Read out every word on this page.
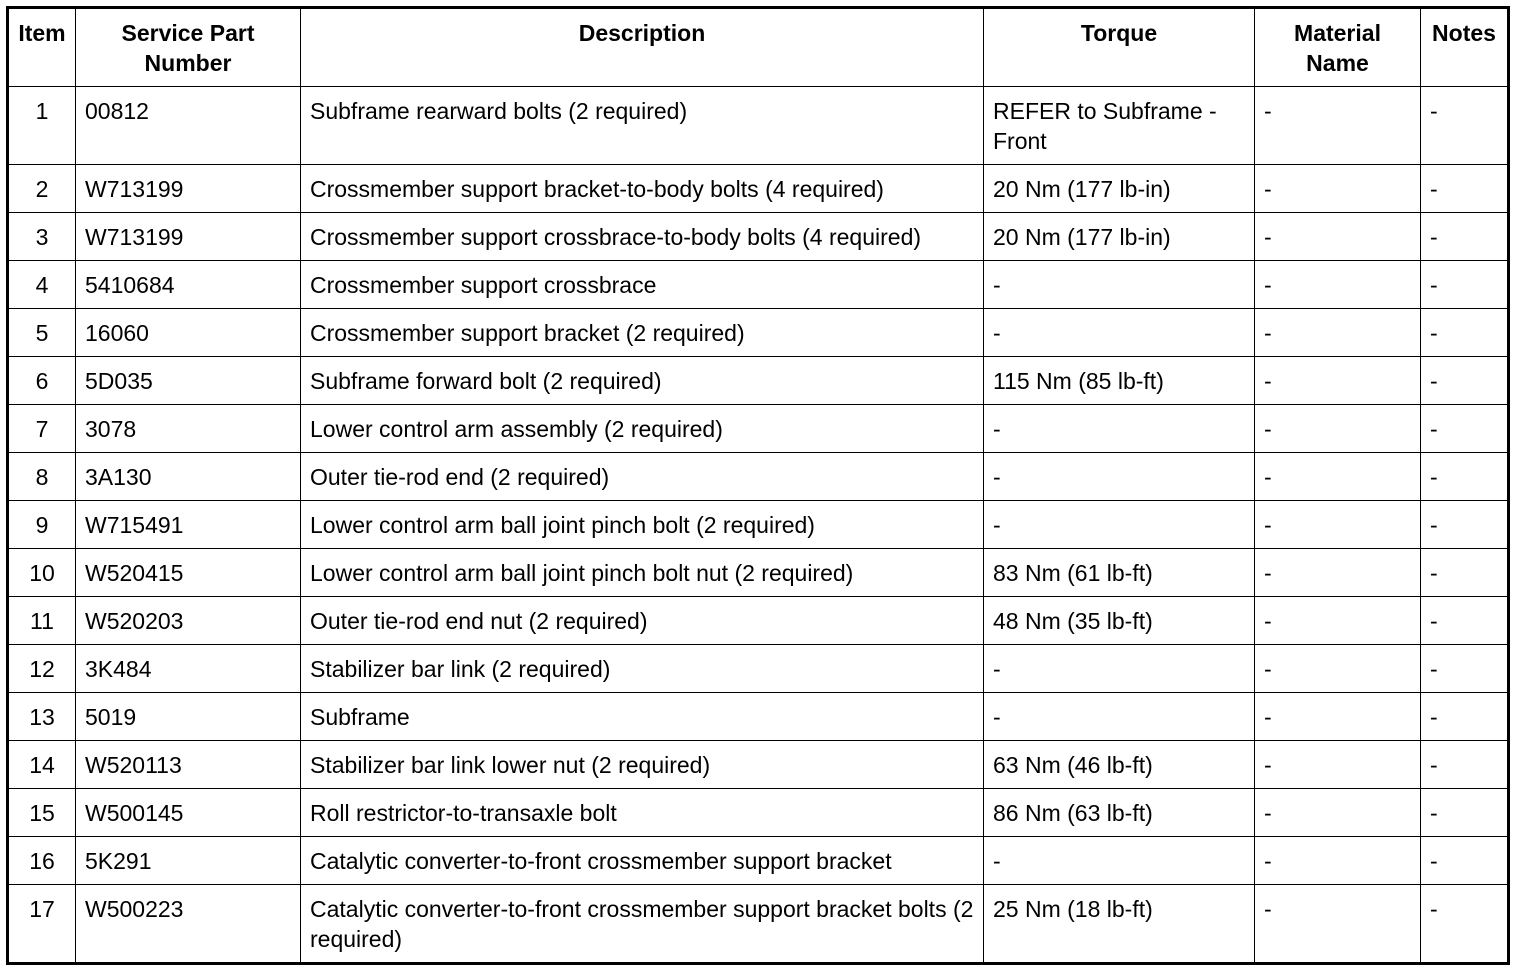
Item	Service Part Number	Description	Torque	Material Name	Notes
1	00812	Subframe rearward bolts (2 required)	REFER to Subframe - Front	-	-
2	W713199	Crossmember support bracket-to-body bolts (4 required)	20 Nm (177 lb-in)	-	-
3	W713199	Crossmember support crossbrace-to-body bolts (4 required)	20 Nm (177 lb-in)	-	-
4	5410684	Crossmember support crossbrace	-	-	-
5	16060	Crossmember support bracket (2 required)	-	-	-
6	5D035	Subframe forward bolt (2 required)	115 Nm (85 lb-ft)	-	-
7	3078	Lower control arm assembly (2 required)	-	-	-
8	3A130	Outer tie-rod end (2 required)	-	-	-
9	W715491	Lower control arm ball joint pinch bolt (2 required)	-	-	-
10	W520415	Lower control arm ball joint pinch bolt nut (2 required)	83 Nm (61 lb-ft)	-	-
11	W520203	Outer tie-rod end nut (2 required)	48 Nm (35 lb-ft)	-	-
12	3K484	Stabilizer bar link (2 required)	-	-	-
13	5019	Subframe	-	-	-
14	W520113	Stabilizer bar link lower nut (2 required)	63 Nm (46 lb-ft)	-	-
15	W500145	Roll restrictor-to-transaxle bolt	86 Nm (63 lb-ft)	-	-
16	5K291	Catalytic converter-to-front crossmember support bracket	-	-	-
17	W500223	Catalytic converter-to-front crossmember support bracket bolts (2 required)	25 Nm (18 lb-ft)	-	-
